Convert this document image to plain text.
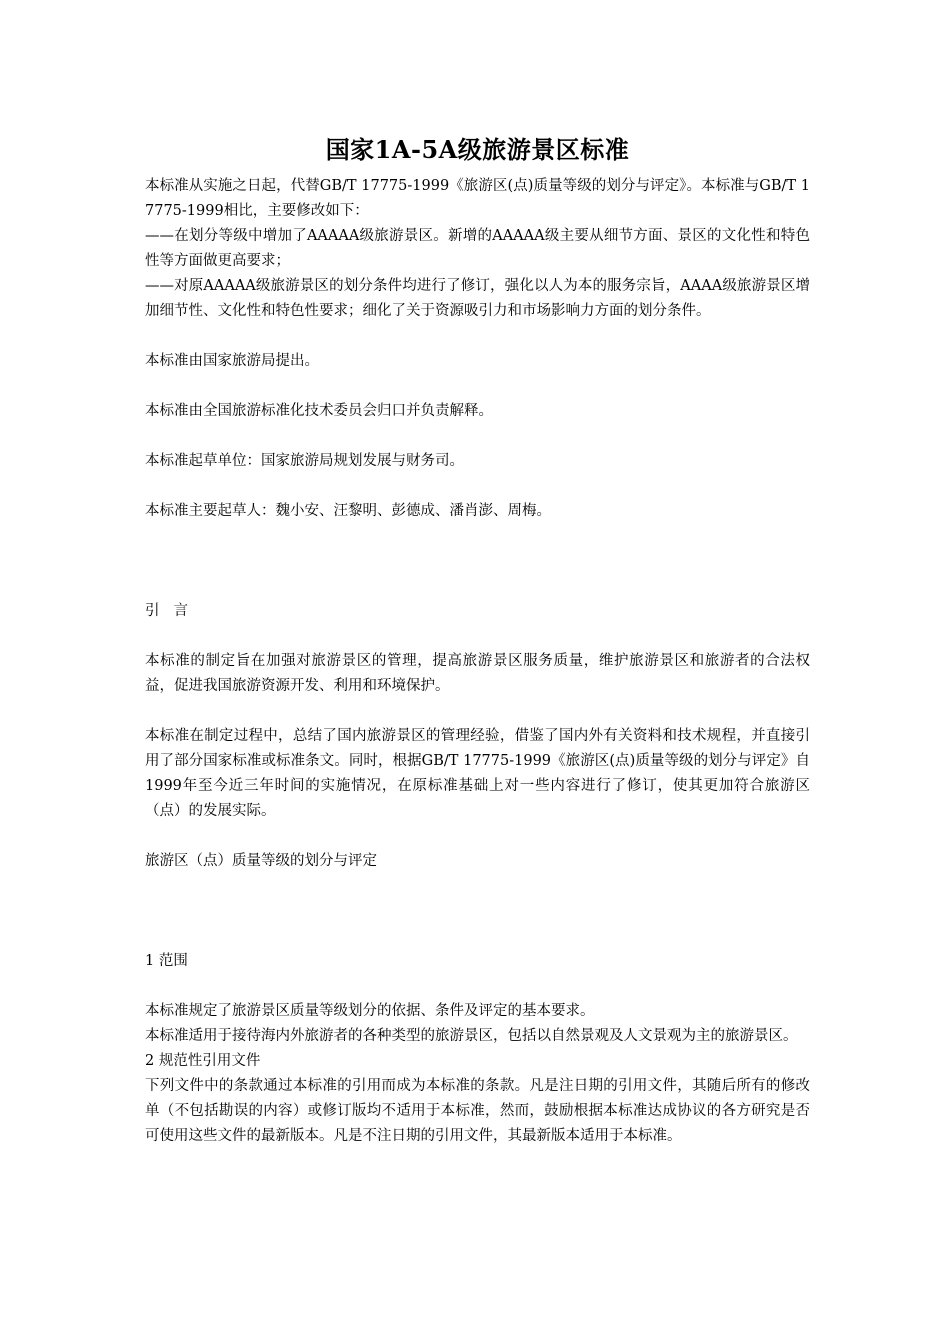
国家1A-5A级旅游景区标准

本标准从实施之日起，代替GB/T 17775-1999《旅游区(点)质量等级的划分与评定》。本标准与GB/T 17775-1999相比，主要修改如下：

——在划分等级中增加了AAAAA级旅游景区。新增的AAAAA级主要从细节方面、景区的文化性和特色性等方面做更高要求；

——对原AAAAA级旅游景区的划分条件均进行了修订，强化以人为本的服务宗旨，AAAA级旅游景区增加细节性、文化性和特色性要求；细化了关于资源吸引力和市场影响力方面的划分条件。

本标准由国家旅游局提出。

本标准由全国旅游标准化技术委员会归口并负责解释。

本标准起草单位：国家旅游局规划发展与财务司。

本标准主要起草人：魏小安、汪黎明、彭德成、潘肖澎、周梅。

引言

本标准的制定旨在加强对旅游景区的管理，提高旅游景区服务质量，维护旅游景区和旅游者的合法权益，促进我国旅游资源开发、利用和环境保护。

本标准在制定过程中，总结了国内旅游景区的管理经验，借鉴了国内外有关资料和技术规程，并直接引用了部分国家标准或标准条文。同时，根据GB/T 17775-1999《旅游区(点)质量等级的划分与评定》自1999年至今近三年时间的实施情况，在原标准基础上对一些内容进行了修订，使其更加符合旅游区（点）的发展实际。

旅游区（点）质量等级的划分与评定

1 范围

本标准规定了旅游景区质量等级划分的依据、条件及评定的基本要求。

本标准适用于接待海内外旅游者的各种类型的旅游景区，包括以自然景观及人文景观为主的旅游景区。

2 规范性引用文件

下列文件中的条款通过本标准的引用而成为本标准的条款。凡是注日期的引用文件，其随后所有的修改单（不包括勘误的内容）或修订版均不适用于本标准，然而，鼓励根据本标准达成协议的各方研究是否可使用这些文件的最新版本。凡是不注日期的引用文件，其最新版本适用于本标准。
